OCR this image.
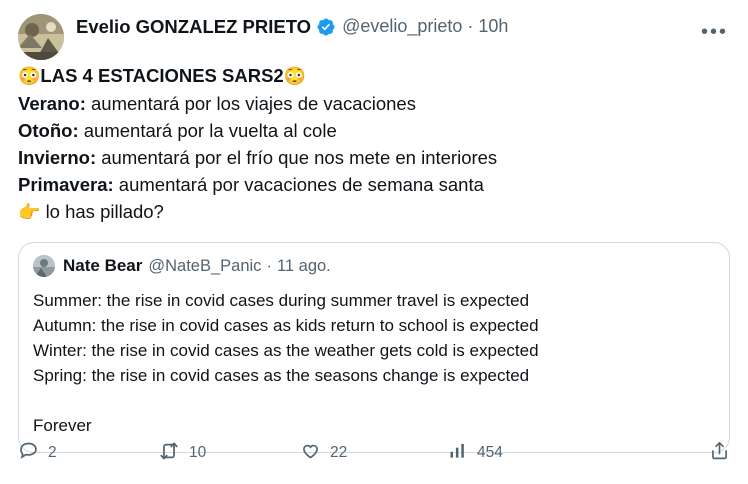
Evelio GONZALEZ PRIETO @evelio_prieto · 10h	•••

😳LAS 4 ESTACIONES SARS2😳

Verano: aumentará por los viajes de vacaciones

Otoño: aumentará por la vuelta al cole

Invierno: aumentará por el frío que nos mete en interiores

Primavera: aumentará por vacaciones de semana santa

👉 lo has pillado?

Nate Bear @NateB_Panic · 11 ago.

Summer: the rise in covid cases during summer travel is expected

Autumn: the rise in covid cases as kids return to school is expected

Winter: the rise in covid cases as the weather gets cold is expected

Spring: the rise in covid cases as the seasons change is expected

Forever

2	10	22	454
